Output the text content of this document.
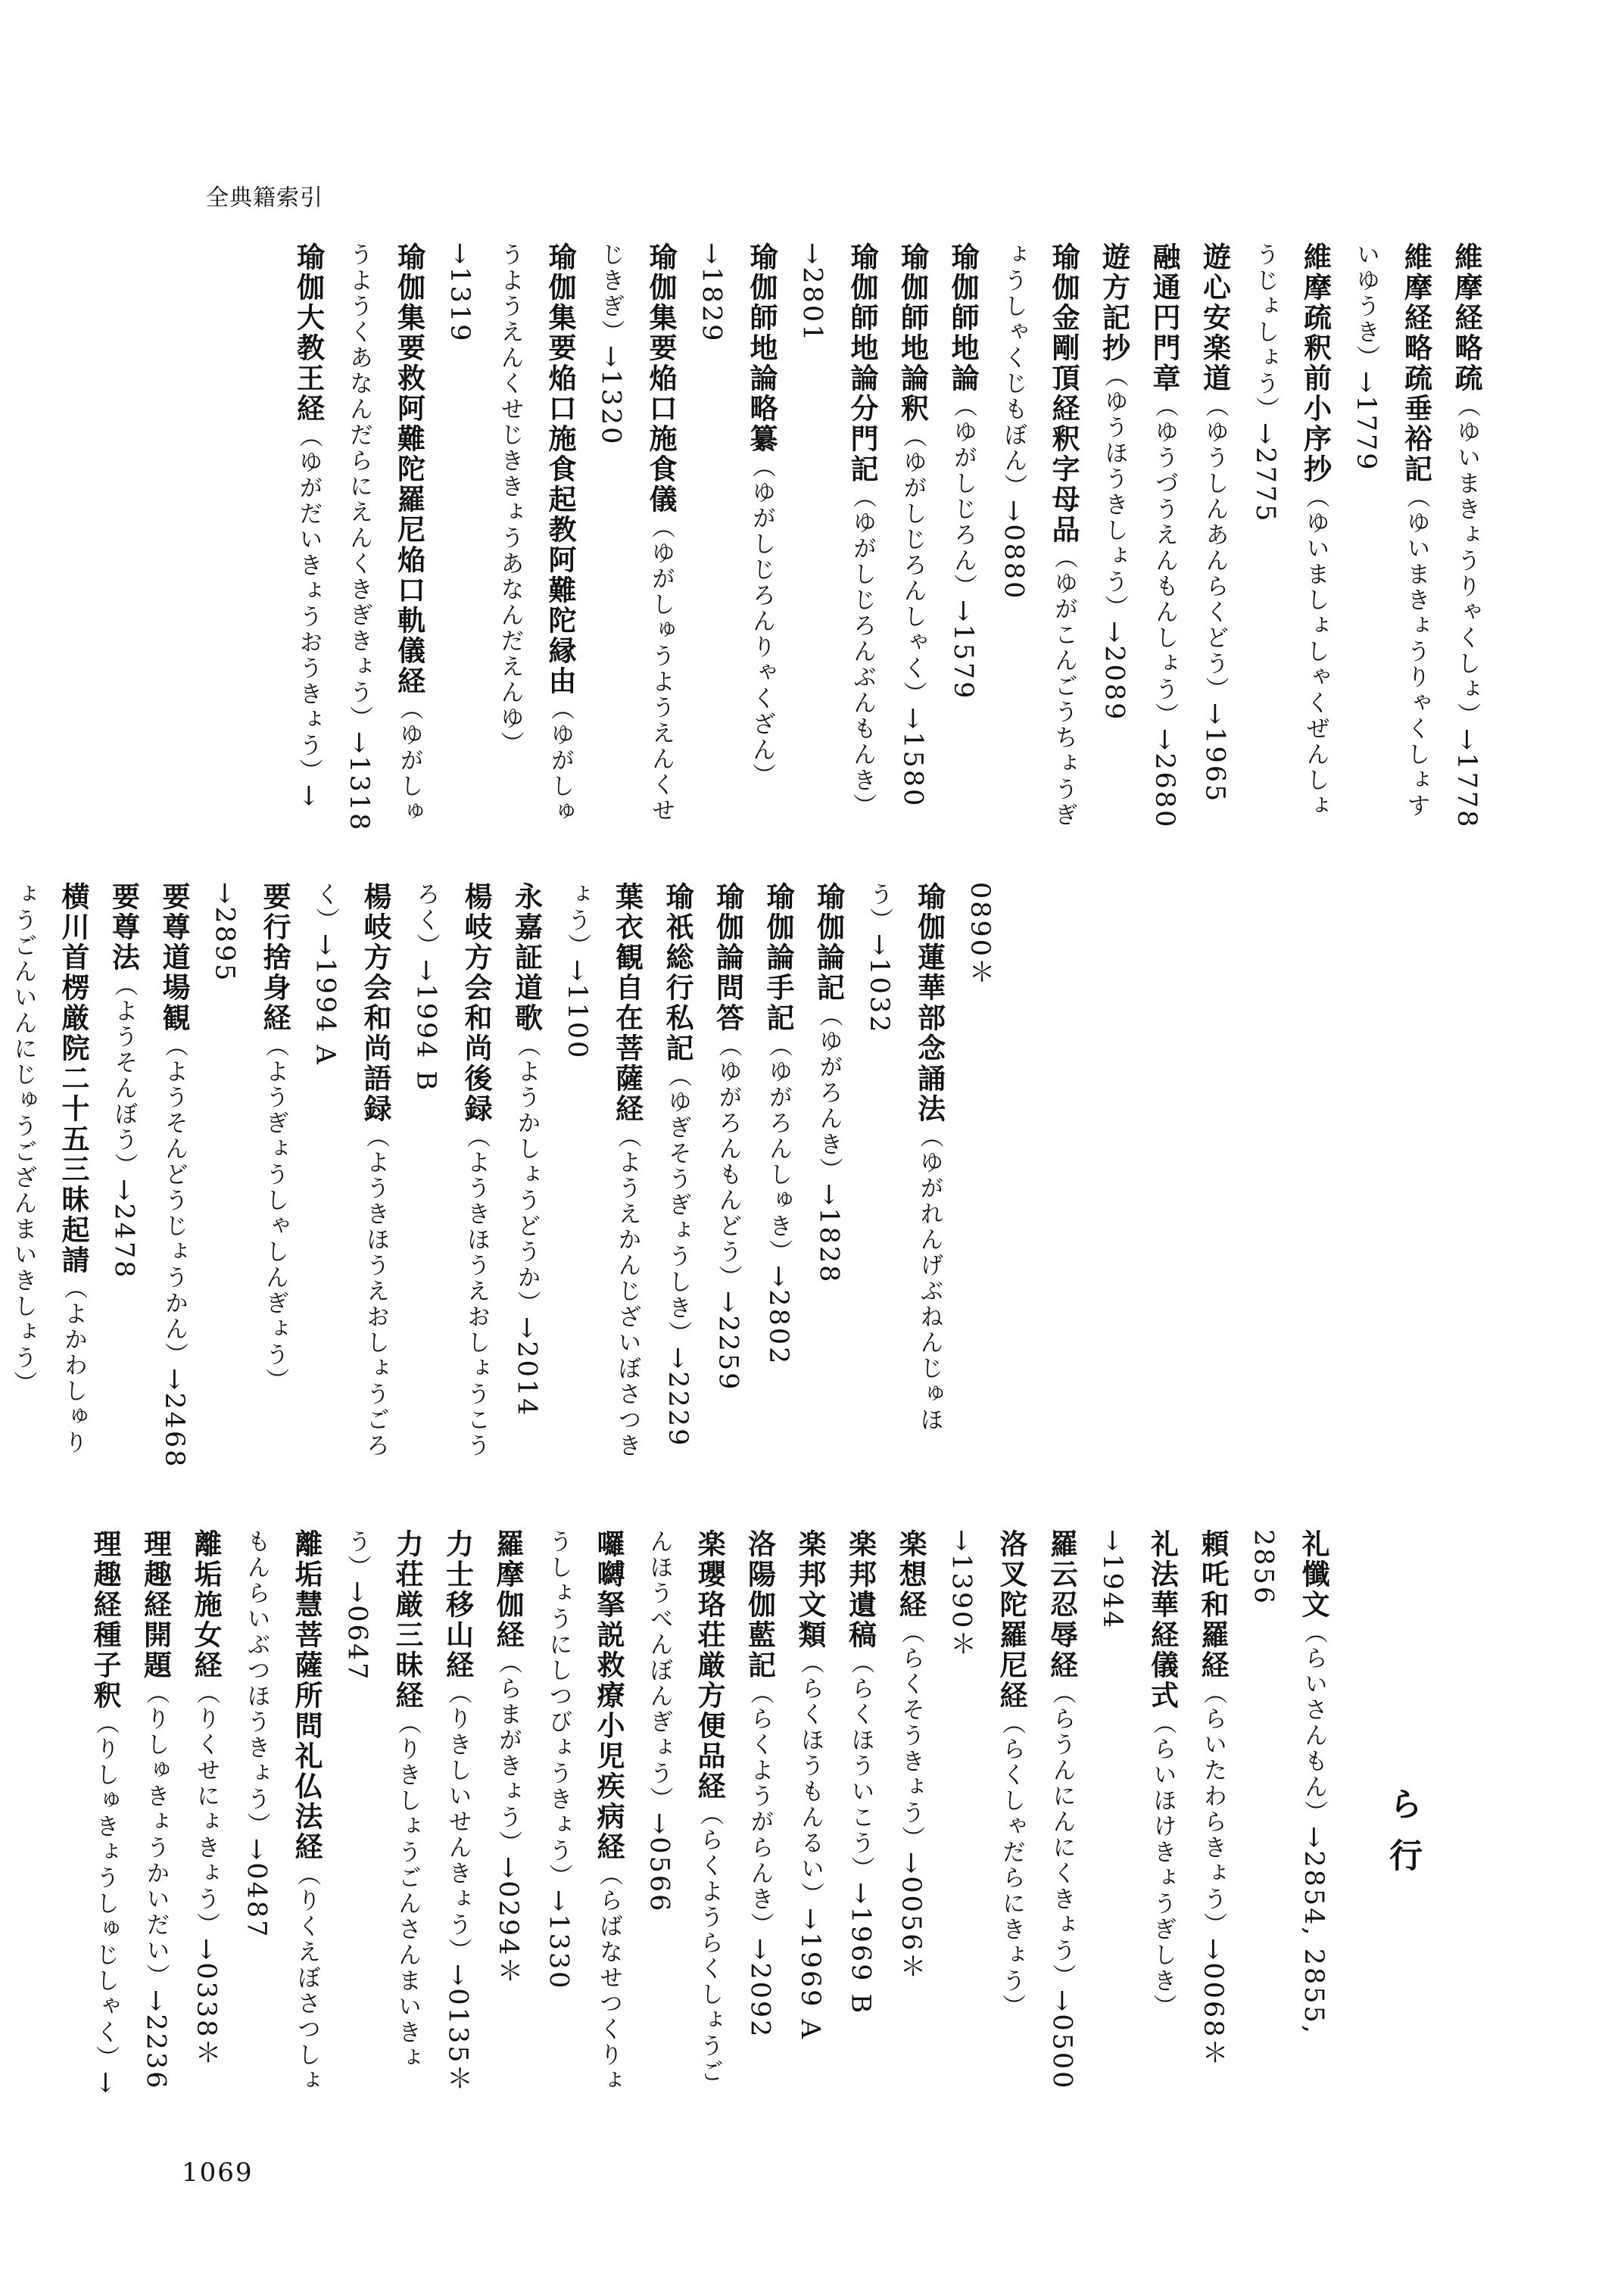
全典籍索引
維摩経略疏（ゆいまきょうりゃくしょ）→1778
維摩経略疏垂裕記（ゆいまきょうりゃくしょすいゆうき）→1779
維摩疏釈前小序抄（ゆいましょしゃくぜんしょうじょしょう）→2775
遊心安楽道（ゆうしんあんらくどう）→1965
融通円門章（ゆうづうえんもんしょう）→2680
遊方記抄（ゆうほうきしょう）→2089
瑜伽金剛頂経釈字母品（ゆがこんごうちょうぎょうしゃくじもぼん）→0880
瑜伽師地論（ゆがしじろん）→1579
瑜伽師地論釈（ゆがしじろんしゃく）→1580
瑜伽師地論分門記（ゆがしじろんぶんもんき）→2801
瑜伽師地論略纂（ゆがしじろんりゃくざん）→1829
瑜伽集要焔口施食儀（ゆがしゅうようえんくせじきぎ）→1320
瑜伽集要焔口施食起教阿難陀縁由（ゆがしゅうようえんくせじききょうあなんだえんゆ）→1319
瑜伽集要救阿難陀羅尼焔口軌儀経（ゆがしゅうようくあなんだらにえんくきぎきょう）→1318
瑜伽大教王経（ゆがだいきょうおうきょう）→
0890＊
瑜伽蓮華部念誦法（ゆがれんげぶねんじゅほう）→1032
瑜伽論記（ゆがろんき）→1828
瑜伽論手記（ゆがろんしゅき）→2802
瑜伽論問答（ゆがろんもんどう）→2259
瑜祇総行私記（ゆぎそうぎょうしき）→2229
葉衣観自在菩薩経（ようえかんじざいぼさつきょう）→1100
永嘉証道歌（ようかしょうどうか）→2014
楊岐方会和尚後録（ようきほうえおしょうこうろく）→1994 B
楊岐方会和尚語録（ようきほうえおしょうごろく）→1994 A
要行捨身経（ようぎょうしゃしんぎょう）→2895
要尊道場観（ようそんどうじょうかん）→2468
要尊法（ようそんぼう）→2478
横川首楞厳院二十五三昧起請（よかわしゅりょうごんいんにじゅうござんまいきしょう）
礼懺文（らいさんもん）→2854, 2855, 2856
頼吒和羅経（らいたわらきょう）→0068＊
礼法華経儀式（らいほけきょうぎしき）→1944
羅云忍辱経（らうんにんにくきょう）→0500
洛叉陀羅尼経（らくしゃだらにきょう）→1390＊
楽想経（らくそうきょう）→0056＊
楽邦遺稿（らくほういこう）→1969 B
楽邦文類（らくほうもんるい）→1969 A
洛陽伽藍記（らくようがらんき）→2092
楽瓔珞荘厳方便品経（らくようらくしょうごんほうべんぼんぎょう）→0566
囉嚩拏説救療小児疾病経（らばなせつくりょうしょうにしつびょうきょう）→1330
羅摩伽経（らまがきょう）→0294＊
力士移山経（りきしいせんきょう）→0135＊
力荘厳三昧経（りきしょうごんさんまいきょう）→0647
離垢慧菩薩所問礼仏法経（りくえぼさつしょもんらいぶつほうきょう）→0487
離垢施女経（りくせにょきょう）→0338＊
理趣経開題（りしゅきょうかいだい）→2236
理趣経種子釈（りしゅきょうしゅじしゃく）→
ら行
1069
